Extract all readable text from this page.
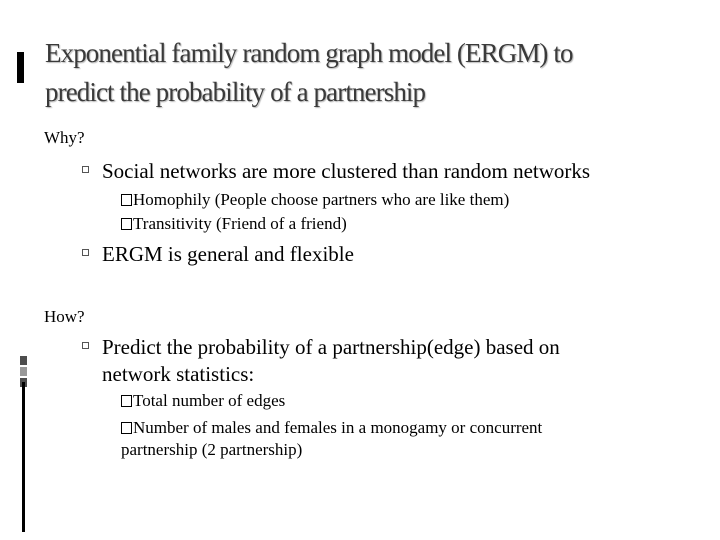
Exponential family random graph model (ERGM) to
predict the probability of a partnership
Why?
Social networks are more clustered than random networks
Homophily (People choose partners who are like them)
Transitivity (Friend of a friend)
ERGM is general and flexible
How?
Predict the probability of a partnership(edge) based on
network statistics:
Total number of edges
Number of males and females in a monogamy or concurrent
partnership (2 partnership)
